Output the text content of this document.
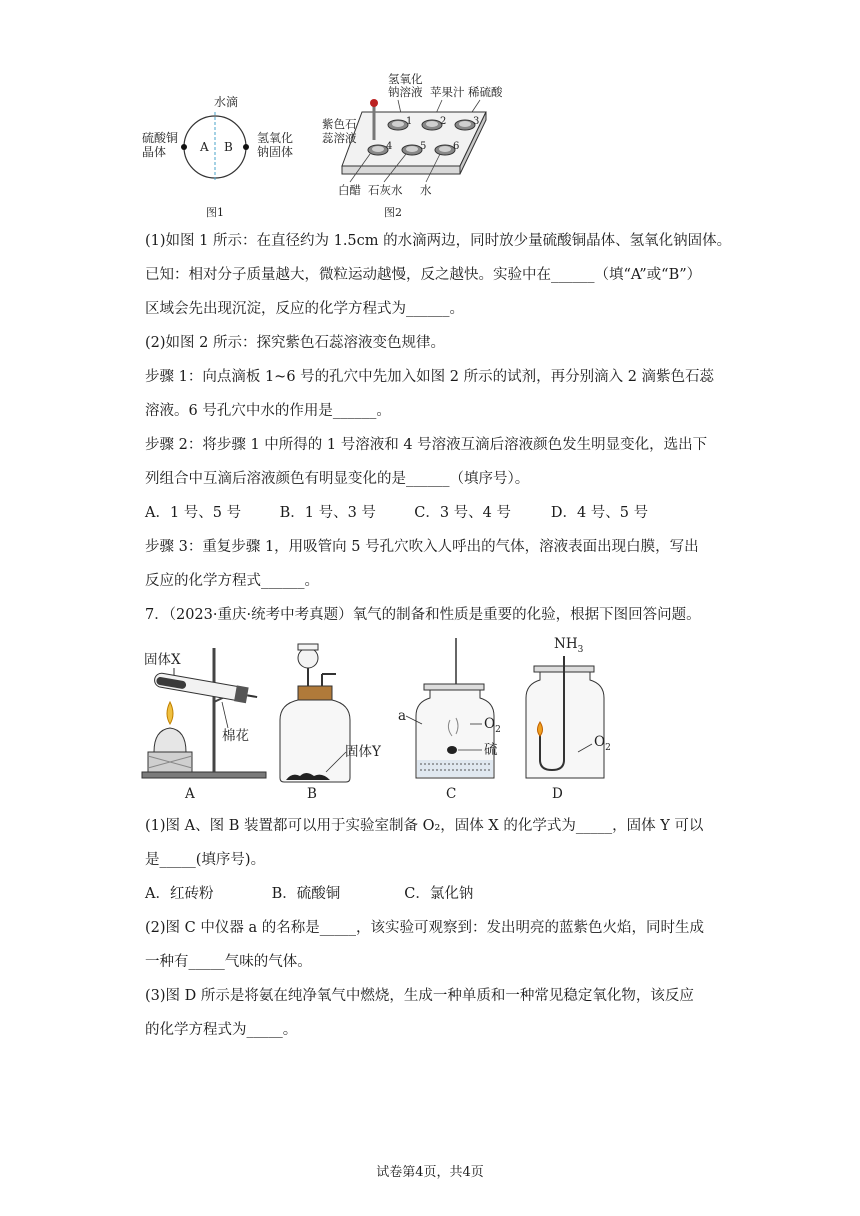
水滴
A B
硫酸铜
晶体
氢氧化
钠固体
图1
氢氧化
钠溶液 苹果汁 稀硫酸
1	2	3
4	5	6
紫色石
蕊溶液
白醋 石灰水 水
图2
(1)如图 1 所示：在直径约为 1.5cm 的水滴两边，同时放少量硫酸铜晶体、氢氧化钠固体。
已知：相对分子质量越大，微粒运动越慢，反之越快。实验中在______（填“A”或“B”）
区域会先出现沉淀，反应的化学方程式为______。
(2)如图 2 所示：探究紫色石蕊溶液变色规律。
步骤 1：向点滴板 1~6 号的孔穴中先加入如图 2 所示的试剂，再分别滴入 2 滴紫色石蕊
溶液。6 号孔穴中水的作用是______。
步骤 2：将步骤 1 中所得的 1 号溶液和 4 号溶液互滴后溶液颜色发生明显变化，选出下
列组合中互滴后溶液颜色有明显变化的是______（填序号）。
A．1 号、5 号	B．1 号、3 号	C．3 号、4 号	D．4 号、5 号
步骤 3：重复步骤 1，用吸管向 5 号孔穴吹入人呼出的气体，溶液表面出现白膜，写出
反应的化学方程式______。
7．（2023·重庆·统考中考真题）氧气的制备和性质是重要的化验，根据下图回答问题。
固体X
棉花
A
固体Y
B
a	$O_2$
硫
C
$NH_3$
$O_2$
D
(1)图 A、图 B 装置都可以用于实验室制备 O₂，固体 X 的化学式为_____，固体 Y 可以
是_____(填序号)。
A．红砖粉	B．硫酸铜	C．氯化钠
(2)图 C 中仪器 a 的名称是_____，该实验可观察到：发出明亮的蓝紫色火焰，同时生成
一种有_____气味的气体。
(3)图 D 所示是将氨在纯净氧气中燃烧，生成一种单质和一种常见稳定氧化物，该反应
的化学方程式为_____。
试卷第4页，共4页
